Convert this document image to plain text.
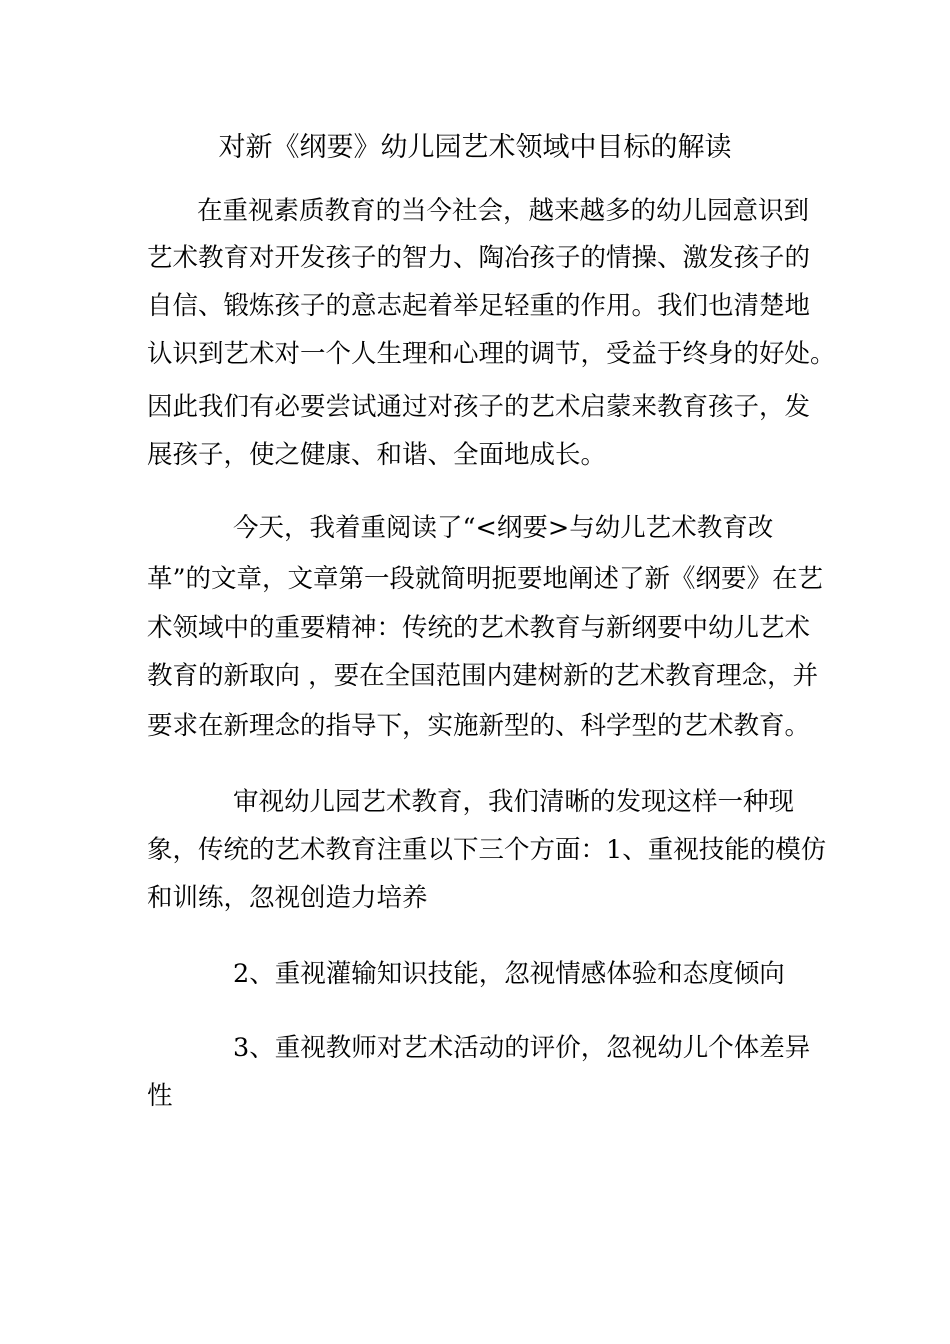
对新《纲要》幼儿园艺术领域中目标的解读
在重视素质教育的当今社会，越来越多的幼儿园意识到
艺术教育对开发孩子的智力、陶冶孩子的情操、激发孩子的
自信、锻炼孩子的意志起着举足轻重的作用。我们也清楚地
认识到艺术对一个人生理和心理的调节，受益于终身的好处。
因此我们有必要尝试通过对孩子的艺术启蒙来教育孩子，发
展孩子，使之健康、和谐、全面地成长。
今天，我着重阅读了“<纲要>与幼儿艺术教育改
革”的文章，文章第一段就简明扼要地阐述了新《纲要》在艺
术领域中的重要精神：传统的艺术教育与新纲要中幼儿艺术
教育的新取向 ，要在全国范围内建树新的艺术教育理念，并
要求在新理念的指导下，实施新型的、科学型的艺术教育。
审视幼儿园艺术教育，我们清晰的发现这样一种现
象，传统的艺术教育注重以下三个方面：1、重视技能的模仿
和训练，忽视创造力培养
2、重视灌输知识技能，忽视情感体验和态度倾向
3、重视教师对艺术活动的评价，忽视幼儿个体差异
性
